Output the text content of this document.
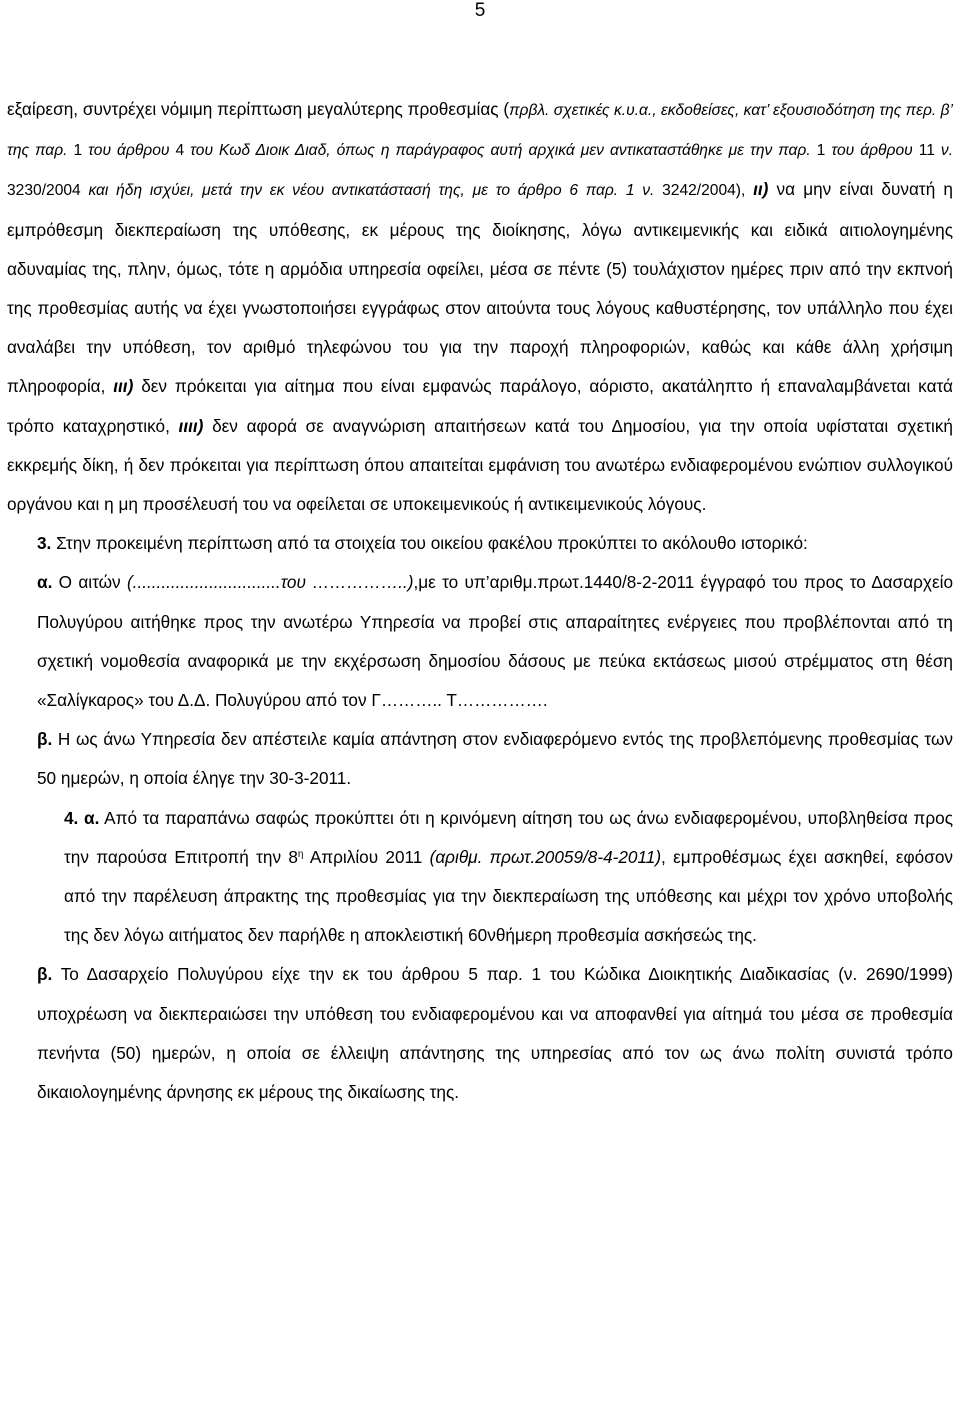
5

εξαίρεση, συντρέχει νόμιμη περίπτωση μεγαλύτερης προθεσμίας (πρβλ. σχετικές κ.υ.α., εκδοθείσες, κατ’ εξουσιοδότηση της περ. β’ της παρ. 1 του άρθρου 4 του Κωδ Διοικ Διαδ, όπως η παράγραφος αυτή αρχικά μεν αντικαταστάθηκε με την παρ. 1 του άρθρου 11 ν. 3230/2004 και ήδη ισχύει, μετά την εκ νέου αντικατάστασή της, με το άρθρο 6 παρ. 1 ν. 3242/2004), ιι) να μην είναι δυνατή η εμπρόθεσμη διεκπεραίωση της υπόθεσης, εκ μέρους της διοίκησης, λόγω αντικειμενικής και ειδικά αιτιολογημένης αδυναμίας της, πλην, όμως, τότε η αρμόδια υπηρεσία οφείλει, μέσα σε πέντε (5) τουλάχιστον ημέρες πριν από την εκπνοή της προθεσμίας αυτής να έχει γνωστοποιήσει εγγράφως στον αιτούντα τους λόγους καθυστέρησης, τον υπάλληλο που έχει αναλάβει την υπόθεση, τον αριθμό τηλεφώνου του για την παροχή πληροφοριών, καθώς και κάθε άλλη χρήσιμη πληροφορία, ιιι) δεν πρόκειται για αίτημα που είναι εμφανώς παράλογο, αόριστο, ακατάληπτο ή επαναλαμβάνεται κατά τρόπο καταχρηστικό, ιιιι) δεν αφορά σε αναγνώριση απαιτήσεων κατά του Δημοσίου, για την οποία υφίσταται σχετική εκκρεμής δίκη, ή δεν πρόκειται για περίπτωση όπου απαιτείται εμφάνιση του ανωτέρω ενδιαφερομένου ενώπιον συλλογικού οργάνου και η μη προσέλευσή του να οφείλεται σε υποκειμενικούς ή αντικειμενικούς λόγους.

3. Στην προκειμένη περίπτωση από τα στοιχεία του οικείου φακέλου προκύπτει το ακόλουθο ιστορικό:

α. Ο αιτών (...............................του ……………..),με το υπ’αριθμ.πρωτ.1440/8-2-2011 έγγραφό του προς το Δασαρχείο Πολυγύρου αιτήθηκε προς την ανωτέρω Υπηρεσία να προβεί στις απαραίτητες ενέργειες που προβλέπονται από τη σχετική νομοθεσία αναφορικά με την εκχέρσωση δημοσίου δάσους με πεύκα εκτάσεως μισού στρέμματος στη θέση «Σαλίγκαρος» του Δ.Δ. Πολυγύρου από τον Γ……….. Τ…………….

β. Η ως άνω Υπηρεσία δεν απέστειλε καμία απάντηση στον ενδιαφερόμενο εντός της προβλεπόμενης προθεσμίας των 50 ημερών, η οποία έληγε την 30-3-2011.

4. α. Από τα παραπάνω σαφώς προκύπτει ότι η κρινόμενη αίτηση του ως άνω ενδιαφερομένου, υποβληθείσα προς την παρούσα Επιτροπή την $8^\eta$ Απριλίου 2011 (αριθμ. πρωτ.20059/8-4-2011), εμπροθέσμως έχει ασκηθεί, εφόσον από την παρέλευση άπρακτης της προθεσμίας για την διεκπεραίωση της υπόθεσης και μέχρι τον χρόνο υποβολής της δεν λόγω αιτήματος δεν παρήλθε η αποκλειστική 60νθήμερη προθεσμία ασκήσεώς της.

β. Το Δασαρχείο Πολυγύρου είχε την εκ του άρθρου 5 παρ. 1 του Κώδικα Διοικητικής Διαδικασίας (ν. 2690/1999) υποχρέωση να διεκπεραιώσει την υπόθεση του ενδιαφερομένου και να αποφανθεί για αίτημά του μέσα σε προθεσμία πενήντα (50) ημερών, η οποία σε έλλειψη απάντησης της υπηρεσίας από τον ως άνω πολίτη συνιστά τρόπο δικαιολογημένης άρνησης εκ μέρους της δικαίωσης της.
